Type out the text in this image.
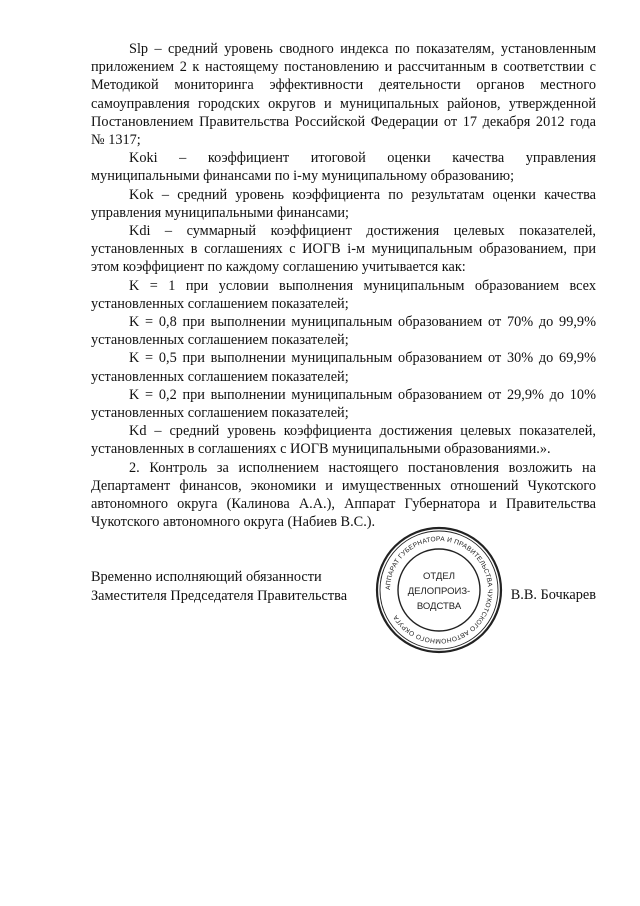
Slp – средний уровень сводного индекса по показателям, установленным приложением 2 к настоящему постановлению и рассчитанным в соответствии с Методикой мониторинга эффективности деятельности органов местного самоуправления городских округов и муниципальных районов, утвержденной Постановлением Правительства Российской Федерации от 17 декабря 2012 года № 1317;

Koki – коэффициент итоговой оценки качества управления муниципальными финансами по i-му муниципальному образованию;

Kok – средний уровень коэффициента по результатам оценки качества управления муниципальными финансами;

Kdi – суммарный коэффициент достижения целевых показателей, установленных в соглашениях с ИОГВ i-м муниципальным образованием, при этом коэффициент по каждому соглашению учитывается как:

K = 1 при условии выполнения муниципальным образованием всех установленных соглашением показателей;

K = 0,8 при выполнении муниципальным образованием от 70% до 99,9% установленных соглашением показателей;

K = 0,5 при выполнении муниципальным образованием от 30% до 69,9% установленных соглашением показателей;

K = 0,2 при выполнении муниципальным образованием от 29,9% до 10% установленных соглашением показателей;

Kd – средний уровень коэффициента достижения целевых показателей, установленных в соглашениях с ИОГВ муниципальными образованиями.».

2. Контроль за исполнением настоящего постановления возложить на Департамент финансов, экономики и имущественных отношений Чукотского автономного округа (Калинова А.А.), Аппарат Губернатора и Правительства Чукотского автономного округа (Набиев В.С.).

Временно исполняющий обязанности
Заместителя Председателя Правительства
АППАРАТ ГУБЕРНАТОРА И ПРАВИТЕЛЬСТВА ЧУКОТСКОГО АВТОНОМНОГО ОКРУГА
ОТДЕЛ
ДЕЛОПРОИЗ-
ВОДСТВА
В.В. Бочкарев
